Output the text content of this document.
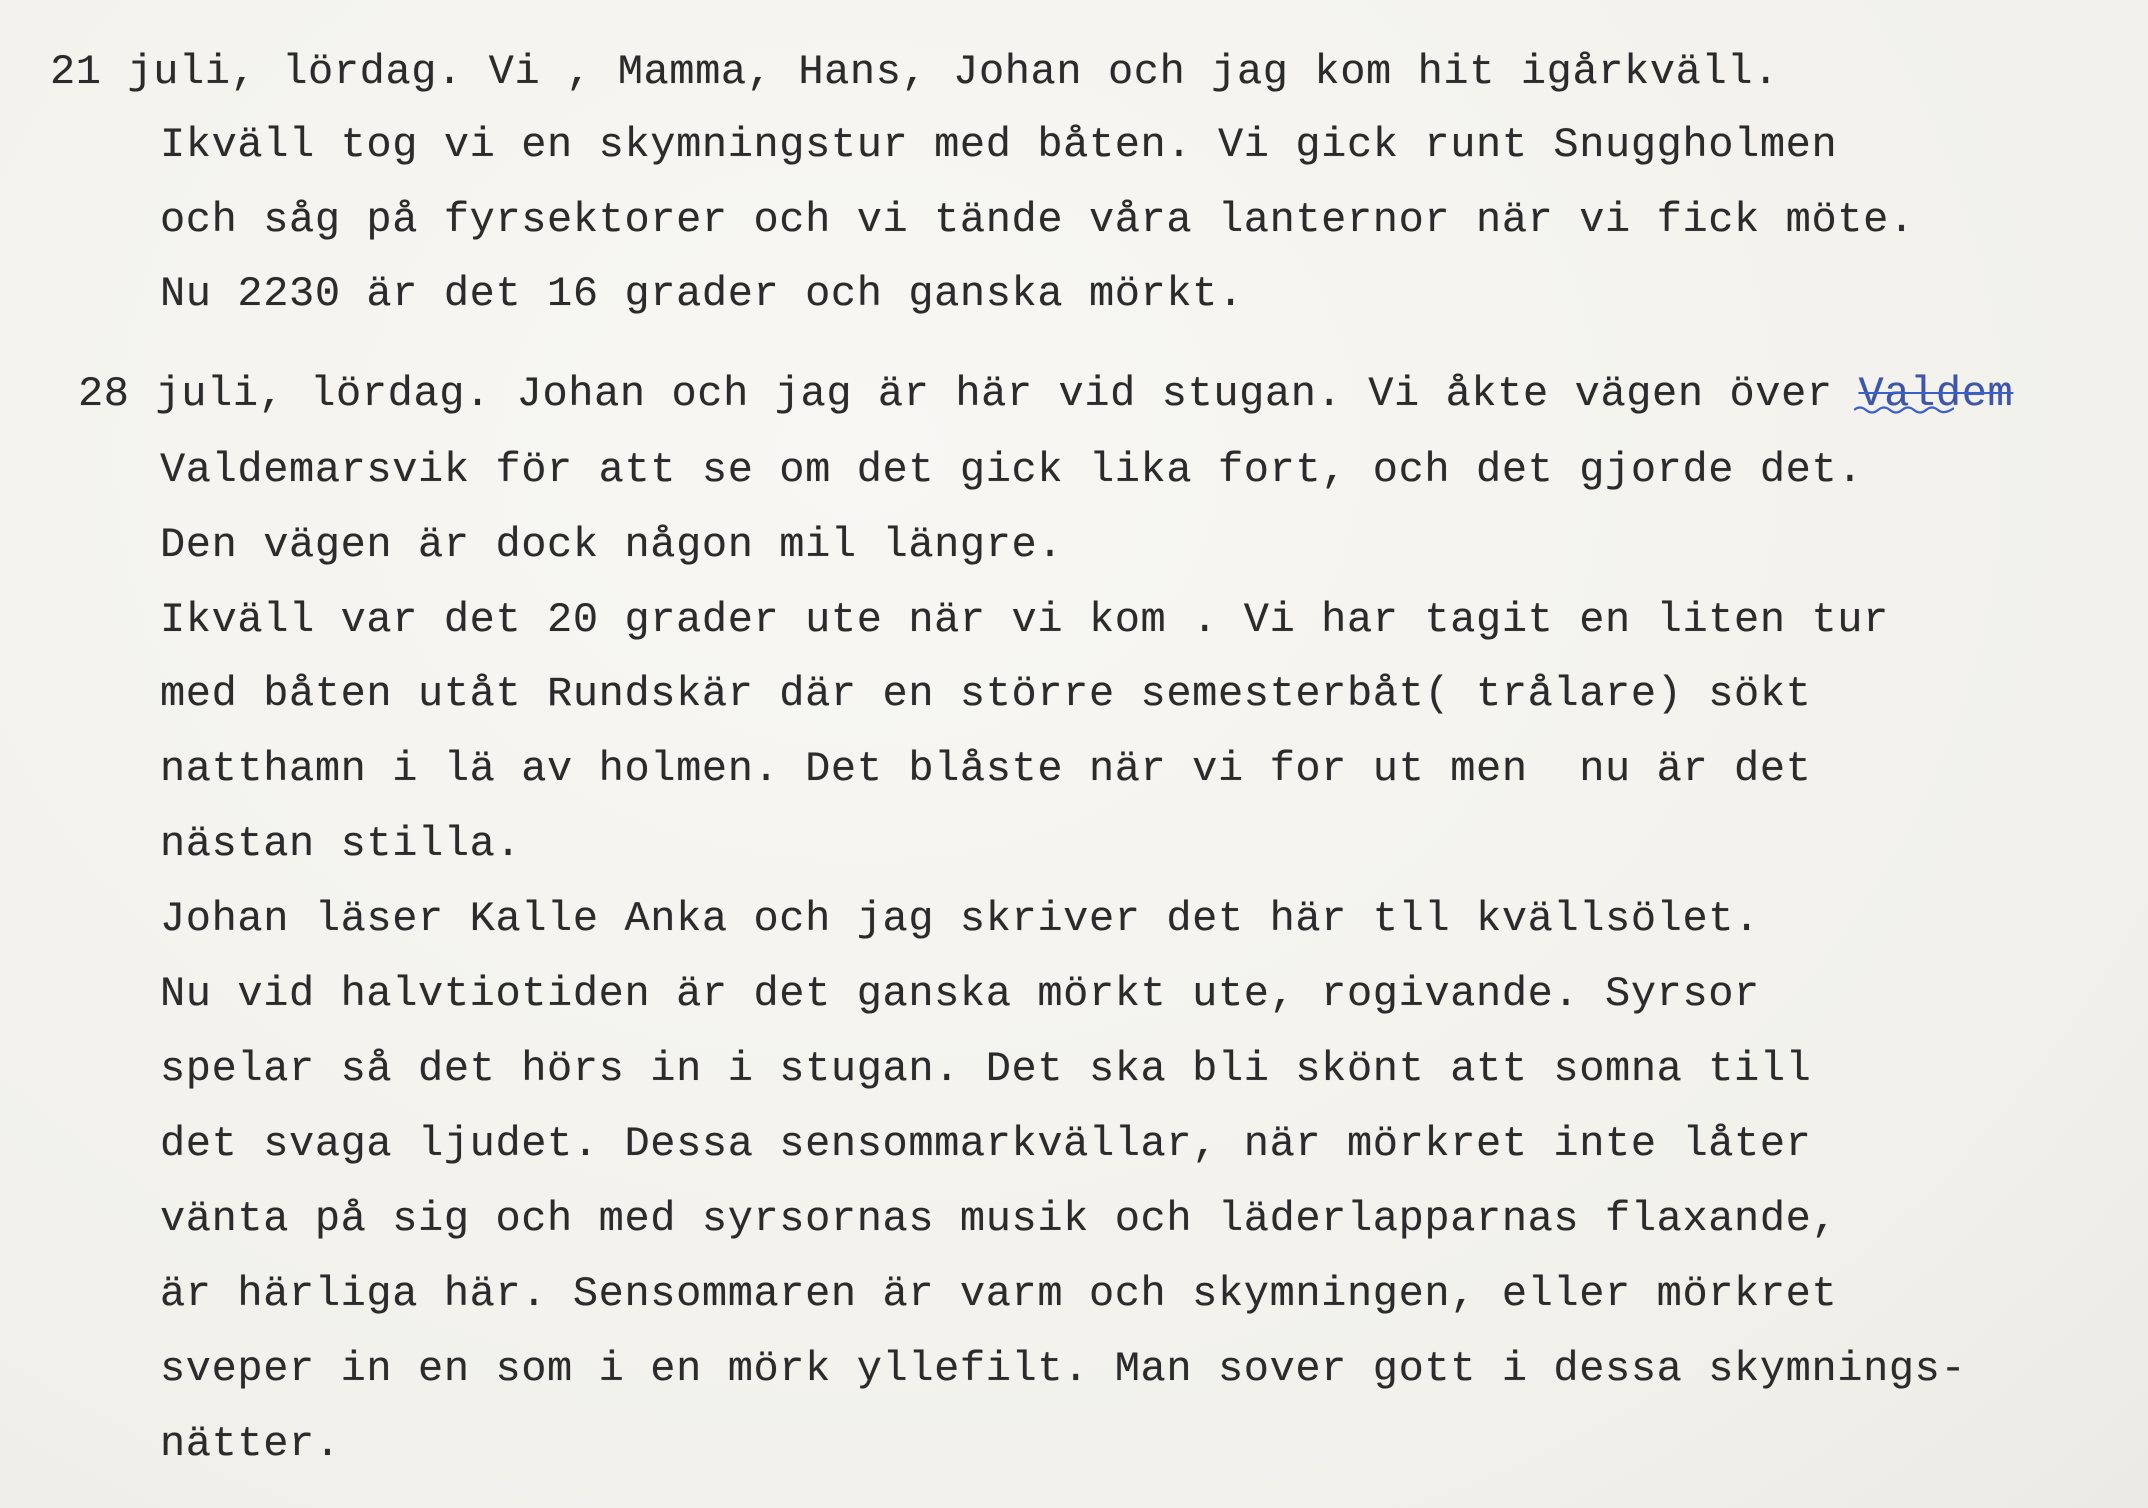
21 juli, lördag. Vi , Mamma, Hans, Johan och jag kom hit igårkväll.
Ikväll tog vi en skymningstur med båten. Vi gick runt Snuggholmen
och såg på fyrsektorer och vi tände våra lanternor när vi fick möte.
Nu 2230 är det 16 grader och ganska mörkt.
28 juli, lördag. Johan och jag är här vid stugan. Vi åkte vägen över Valdem
Valdemarsvik för att se om det gick lika fort, och det gjorde det.
Den vägen är dock någon mil längre.
Ikväll var det 20 grader ute när vi kom . Vi har tagit en liten tur
med båten utåt Rundskär där en större semesterbåt( trålare) sökt
natthamn i lä av holmen. Det blåste när vi for ut men  nu är det
nästan stilla.
Johan läser Kalle Anka och jag skriver det här tll kvällsölet.
Nu vid halvtiotiden är det ganska mörkt ute, rogivande. Syrsor
spelar så det hörs in i stugan. Det ska bli skönt att somna till
det svaga ljudet. Dessa sensommarkvällar, när mörkret inte låter
vänta på sig och med syrsornas musik och läderlapparnas flaxande,
är härliga här. Sensommaren är varm och skymningen, eller mörkret
sveper in en som i en mörk yllefilt. Man sover gott i dessa skymnings-
nätter.
